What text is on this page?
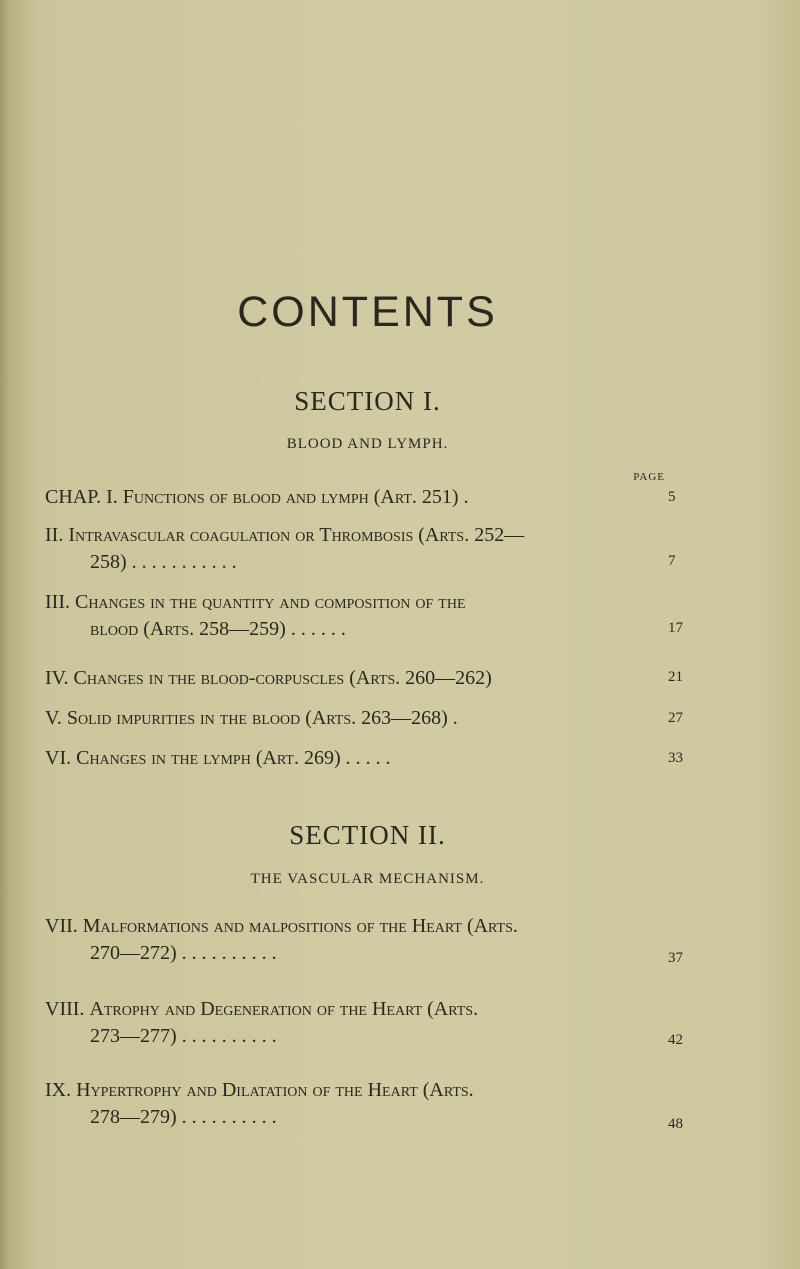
CONTENTS
SECTION I.
BLOOD AND LYMPH.
PAGE
CHAP. I. Functions of blood and lymph (Art. 251) .	5
II. Intravascular coagulation or Thrombosis (Arts. 252—
258) . . . . . . . . . . .	7
III. Changes in the quantity and composition of the
blood (Arts. 258—259) . . . . . .	17
IV. Changes in the blood-corpuscles (Arts. 260—262)	21
V. Solid impurities in the blood (Arts. 263—268) .	27
VI. Changes in the lymph (Art. 269) . . . . .	33
SECTION II.
THE VASCULAR MECHANISM.
VII. Malformations and malpositions of the Heart (Arts.
270—272) . . . . . . . . . .	37
VIII. Atrophy and Degeneration of the Heart (Arts.
273—277) . . . . . . . . . .	42
IX. Hypertrophy and Dilatation of the Heart (Arts.
278—279) . . . . . . . . . .	48
